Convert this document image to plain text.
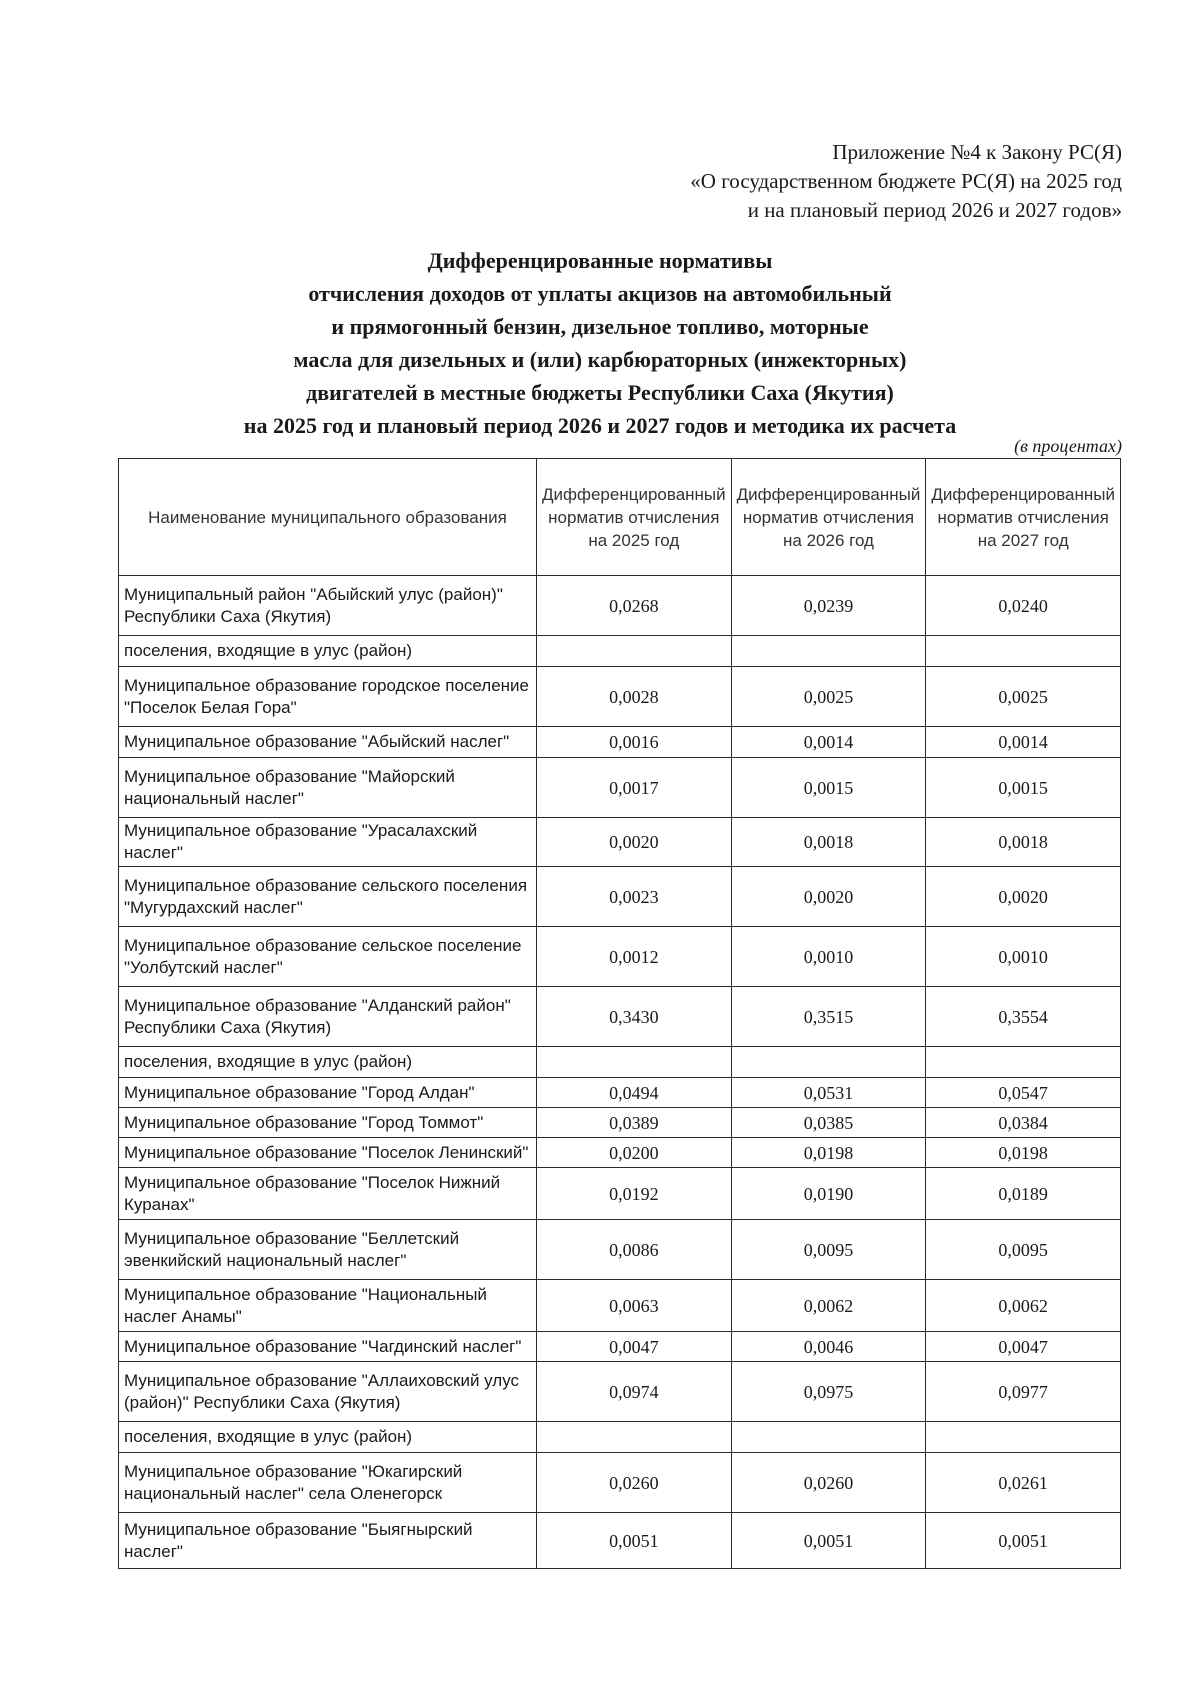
Приложение №4 к Закону РС(Я)
«О государственном бюджете РС(Я) на 2025 год
и на плановый период 2026 и 2027 годов»
Дифференцированные нормативы
отчисления доходов от уплаты акцизов на автомобильный
и прямогонный бензин, дизельное топливо, моторные
масла для дизельных и (или) карбюраторных (инжекторных)
двигателей в местные бюджеты Республики Саха (Якутия)
на 2025 год и плановый период 2026 и 2027 годов и методика их расчета
(в процентах)
Наименование муниципального образования	Дифференцированный норматив отчисления на 2025 год	Дифференцированный норматив отчисления на 2026 год	Дифференцированный норматив отчисления на 2027 год
Муниципальный район "Абыйский улус (район)" Республики Саха (Якутия)	0,0268	0,0239	0,0240
поселения, входящие в улус (район)			
Муниципальное образование городское поселение "Поселок Белая Гора"	0,0028	0,0025	0,0025
Муниципальное образование "Абыйский наслег"	0,0016	0,0014	0,0014
Муниципальное образование "Майорский национальный наслег"	0,0017	0,0015	0,0015
Муниципальное образование "Урасалахский наслег"	0,0020	0,0018	0,0018
Муниципальное образование сельского поселения "Мугурдахский наслег"	0,0023	0,0020	0,0020
Муниципальное образование сельское поселение "Уолбутский наслег"	0,0012	0,0010	0,0010
Муниципальное образование "Алданский район" Республики Саха (Якутия)	0,3430	0,3515	0,3554
поселения, входящие в улус (район)			
Муниципальное образование "Город Алдан"	0,0494	0,0531	0,0547
Муниципальное образование "Город Томмот"	0,0389	0,0385	0,0384
Муниципальное образование "Поселок Ленинский"	0,0200	0,0198	0,0198
Муниципальное образование "Поселок Нижний Куранах"	0,0192	0,0190	0,0189
Муниципальное образование "Беллетский эвенкийский национальный наслег"	0,0086	0,0095	0,0095
Муниципальное образование "Национальный наслег Анамы"	0,0063	0,0062	0,0062
Муниципальное образование "Чагдинский наслег"	0,0047	0,0046	0,0047
Муниципальное образование "Аллаиховский улус (район)" Республики Саха (Якутия)	0,0974	0,0975	0,0977
поселения, входящие в улус (район)			
Муниципальное образование "Юкагирский национальный наслег" села Оленегорск	0,0260	0,0260	0,0261
Муниципальное образование "Быягнырский наслег"	0,0051	0,0051	0,0051
